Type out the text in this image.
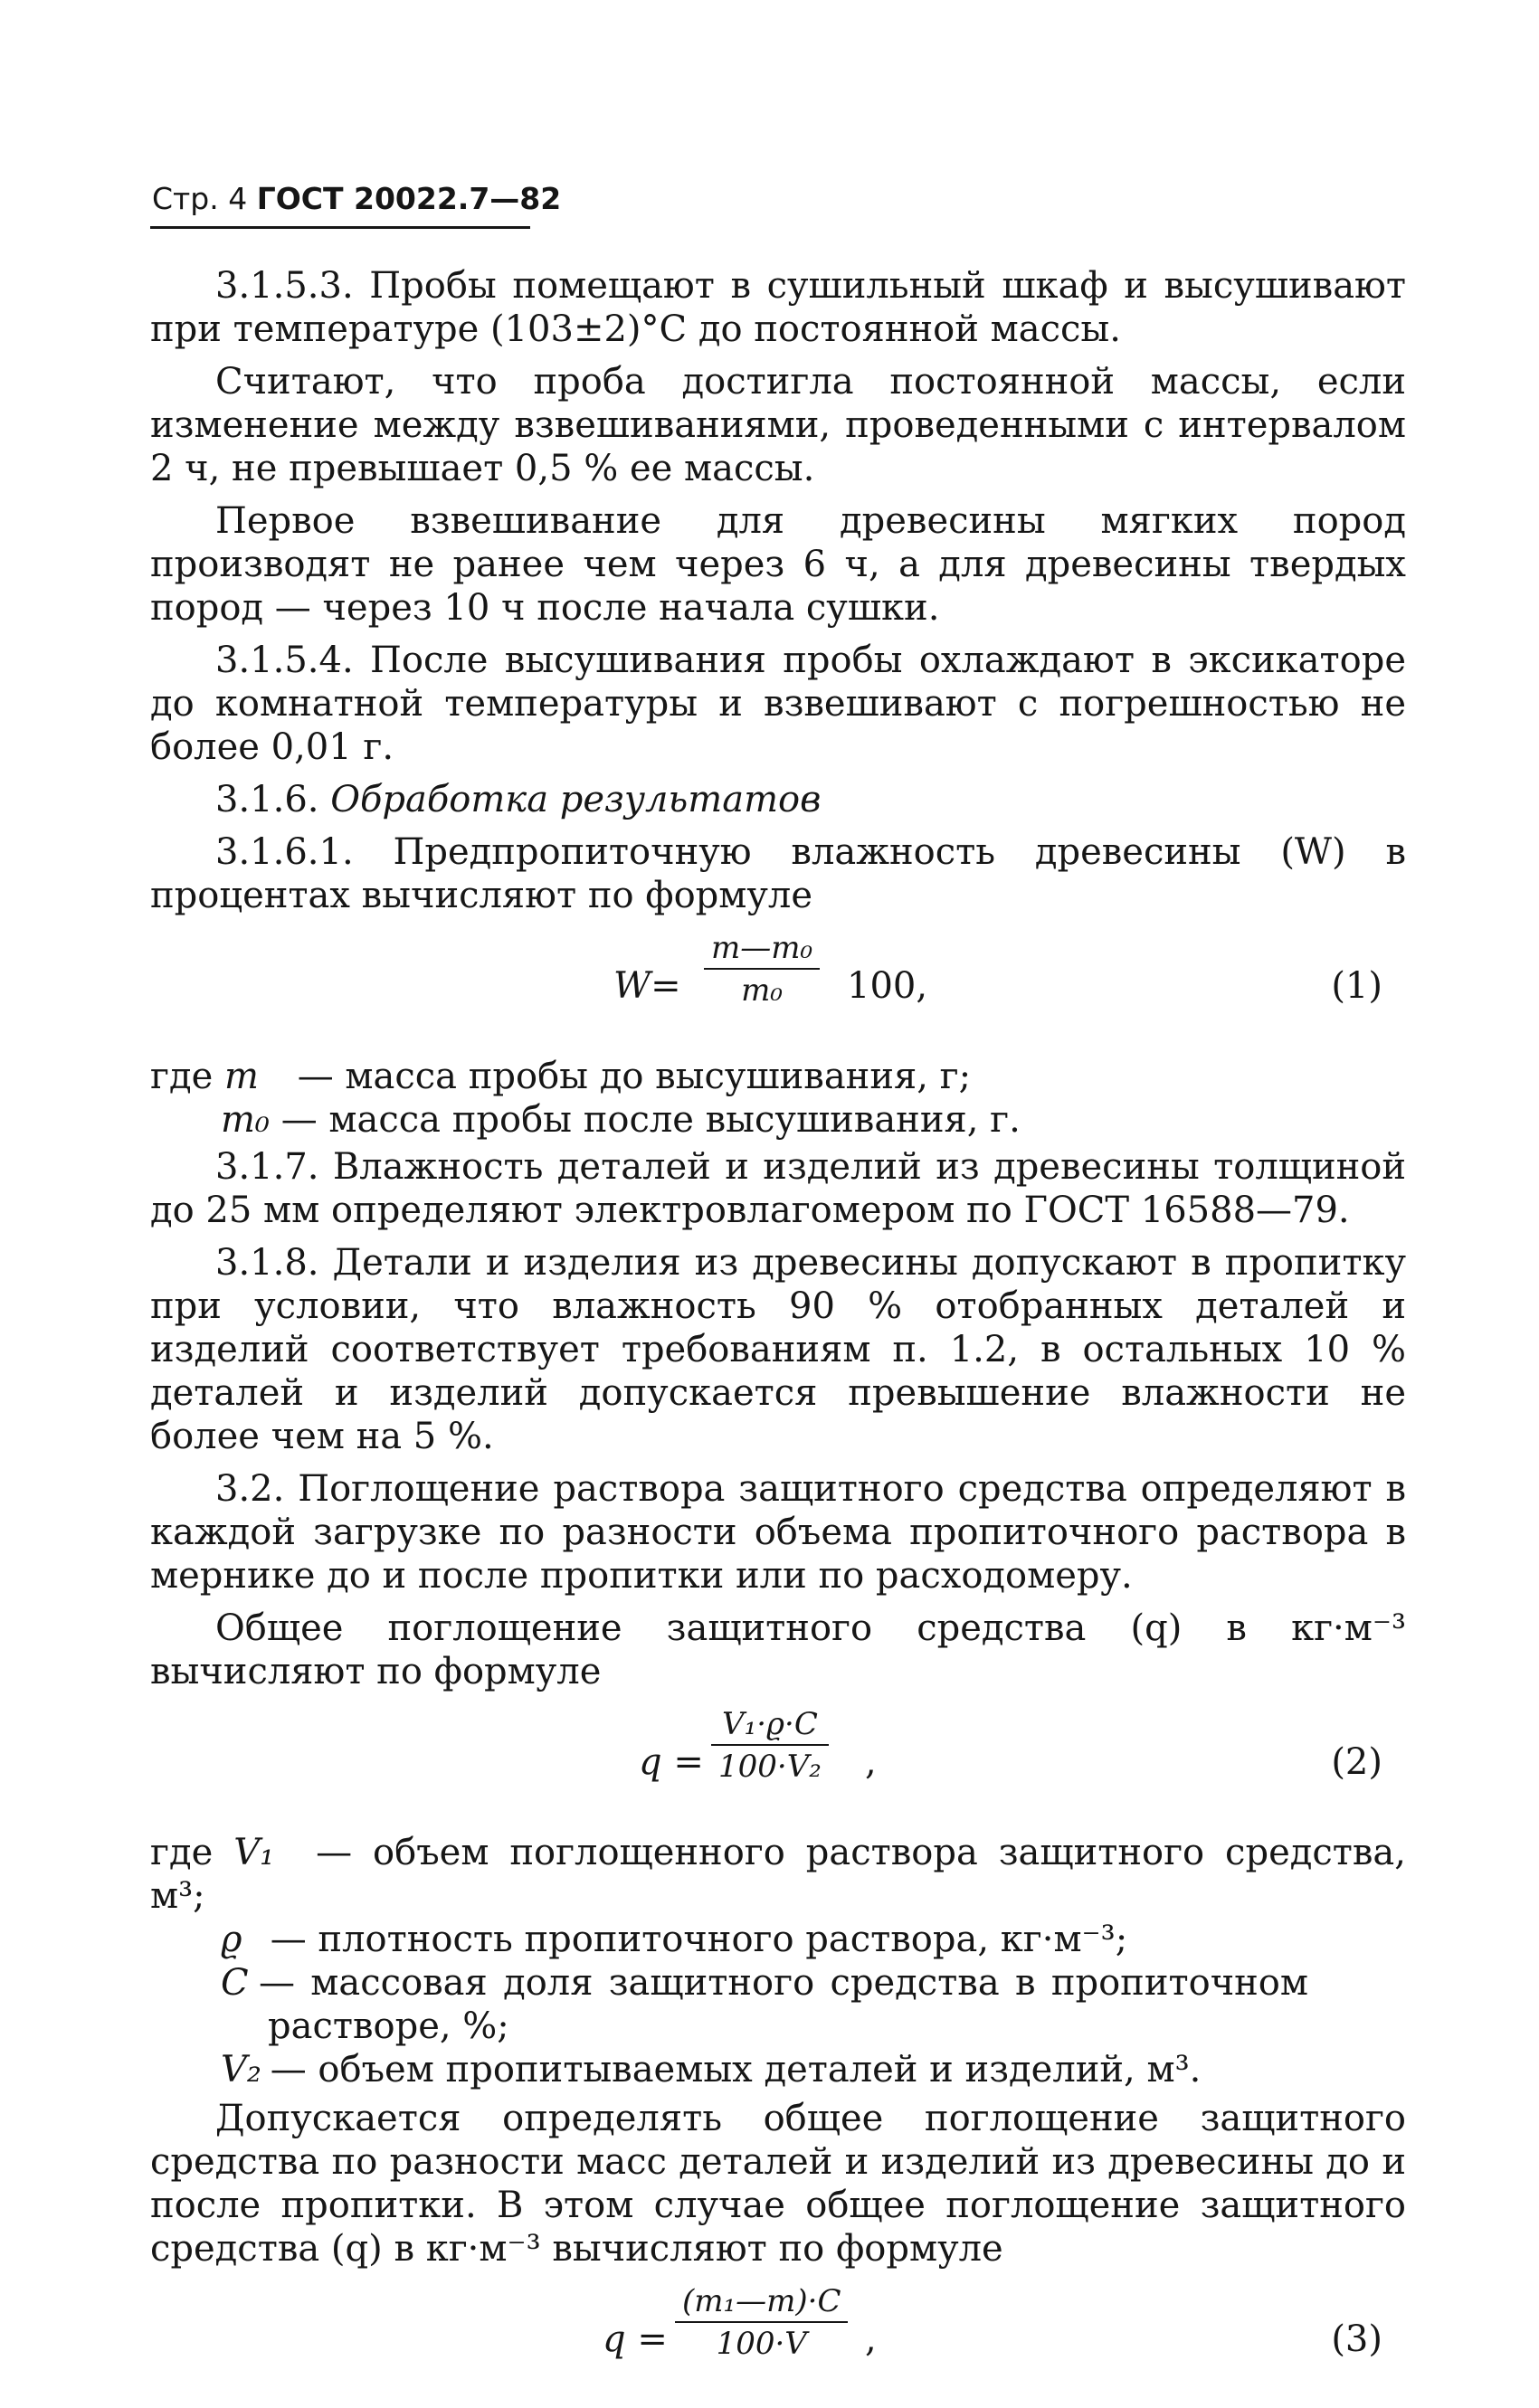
Стр. 4 ГОСТ 20022.7—82

3.1.5.3. Пробы помещают в сушильный шкаф и высушивают при температуре (103±2)°С до постоянной массы.

Считают, что проба достигла постоянной массы, если изменение между взвешиваниями, проведенными с интервалом 2 ч, не превышает 0,5 % ее массы.

Первое взвешивание для древесины мягких пород производят не ранее чем через 6 ч, а для древесины твердых пород — через 10 ч после начала сушки.

3.1.5.4. После высушивания пробы охлаждают в эксикаторе до комнатной температуры и взвешивают с погрешностью не более 0,01 г.

3.1.6. Обработка результатов

3.1.6.1. Предпропиточную влажность древесины (W) в процентах вычисляют по формуле

W=
m—m₀
m₀ 100,	(1)
где m — масса пробы до высушивания, г;
m₀ — масса пробы после высушивания, г.

3.1.7. Влажность деталей и изделий из древесины толщиной до 25 мм определяют электровлагомером по ГОСТ 16588—79.

3.1.8. Детали и изделия из древесины допускают в пропитку при условии, что влажность 90 % отобранных деталей и изделий соответствует требованиям п. 1.2, в остальных 10 % деталей и изделий допускается превышение влажности не более чем на 5 %.

3.2. Поглощение раствора защитного средства определяют в каждой загрузке по разности объема пропиточного раствора в мернике до и после пропитки или по расходомеру.

Общее поглощение защитного средства (q) в кг·м⁻³ вычисляют по формуле

q =
V₁·ϱ·C
100·V₂ ,	(2)
где V₁ — объем поглощенного раствора защитного средства, м³;
ϱ — плотность пропиточного раствора, кг·м⁻³;
C — массовая доля защитного средства в пропиточном растворе, %;
V₂ — объем пропитываемых деталей и изделий, м³.

Допускается определять общее поглощение защитного средства по разности масс деталей и изделий из древесины до и после пропитки. В этом случае общее поглощение защитного средства (q) в кг·м⁻³ вычисляют по формуле

q =
(m₁—m)·C
100·V ,	(3)
